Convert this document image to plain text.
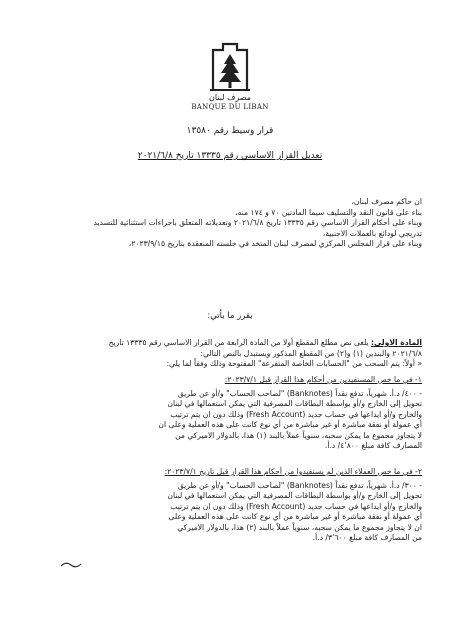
مصرف لبنان
BANQUE DU LIBAN
قرار وسيط رقم ١٣٥٨٠
تعديل القرار الاساسي رقم ١٣٣٣٥ تاريخ ٢٠٢١/٦/٨
ان حاكم مصرف لبنان،
بناء على قانون النقد والتسليف سيما المادتين ٧٠ و ١٧٤ منه،
وبناء على أحكام القرار الاساسي رقم ١٣٣٣٥ تاريخ ٢٠٢١/٦/٨ وتعديلاته المتعلق باجراءات استثنائية للتسديد
تدريجي لودائع بالعملات الاجنبية،
وبناء على قرار المجلس المركزي لمصرف لبنان المتخذ في جلسته المنعقدة بتاريخ ٢٠٢٣/٩/١٥،
يقرر ما يأتي:
المادة الاولى: يلغى نص مطلع المقطع أولا من المادة الرابعة من القرار الاساسي رقم ١٣٣٣٥ تاريخ
٢٠٢١/٦/٨ والبندين (١) و(٢) من المقطع المذكور ويستبدل بالنص التالي:
« أولاً: يتم السحب من "الحسابات الخاصة المتفرعة" المفتوحة وذلك وفقاً لما يلي:
١- في ما خص المستفيدين من أحكام هذا القرار قبل ٢٠٢٣/٧/١:
- ٤٠٠/ د.أ. شهرياً، تدفع نقداً (Banknotes) "لصاحب الحساب" و/أو عن طريق
تحويل إلى الخارج و/أو بواسطة البطاقات المصرفية التي يمكن استعمالها في لبنان
والخارج و/أو ايداعها في حساب جديد (Fresh Account) وذلك دون ان يتم ترتيب
أي عمولة أو نفقة مباشرة أو غير مباشرة من أي نوع كانت على هذه العملية وعلى ان
لا يتجاوز مجموع ما يمكن سحبه، سنوياً عملاً بالبند (١) هذا، بالدولار الاميركي من
المصارف كافة مبلغ ٤٬٨٠٠/ د.أ.
٢- في ما خص العملاء الذين لم يستفيدوا من أحكام هذا القرار قبل تاريخ ٢٠٢٣/٧/١:
- ٣٠٠/ د.أ. شهرياً، تدفع نقداً (Banknotes) "لصاحب الحساب" و/أو عن طريق
تحويل إلى الخارج و/أو بواسطة البطاقات المصرفية التي يمكن استعمالها في لبنان
والخارج و/أو ايداعها في حساب جديد (Fresh Account) وذلك دون ان يتم ترتيب
أي عمولة أو نفقة مباشرة أو غير مباشرة من أي نوع كانت على هذه العملية وعلى
ان لا يتجاوز مجموع ما يمكن سحبه، سنوياً عملاً بالبند (٢) هذا، بالدولار الاميركي
من المصارف كافة مبلغ ٣٬٦٠٠/ د.أ.
